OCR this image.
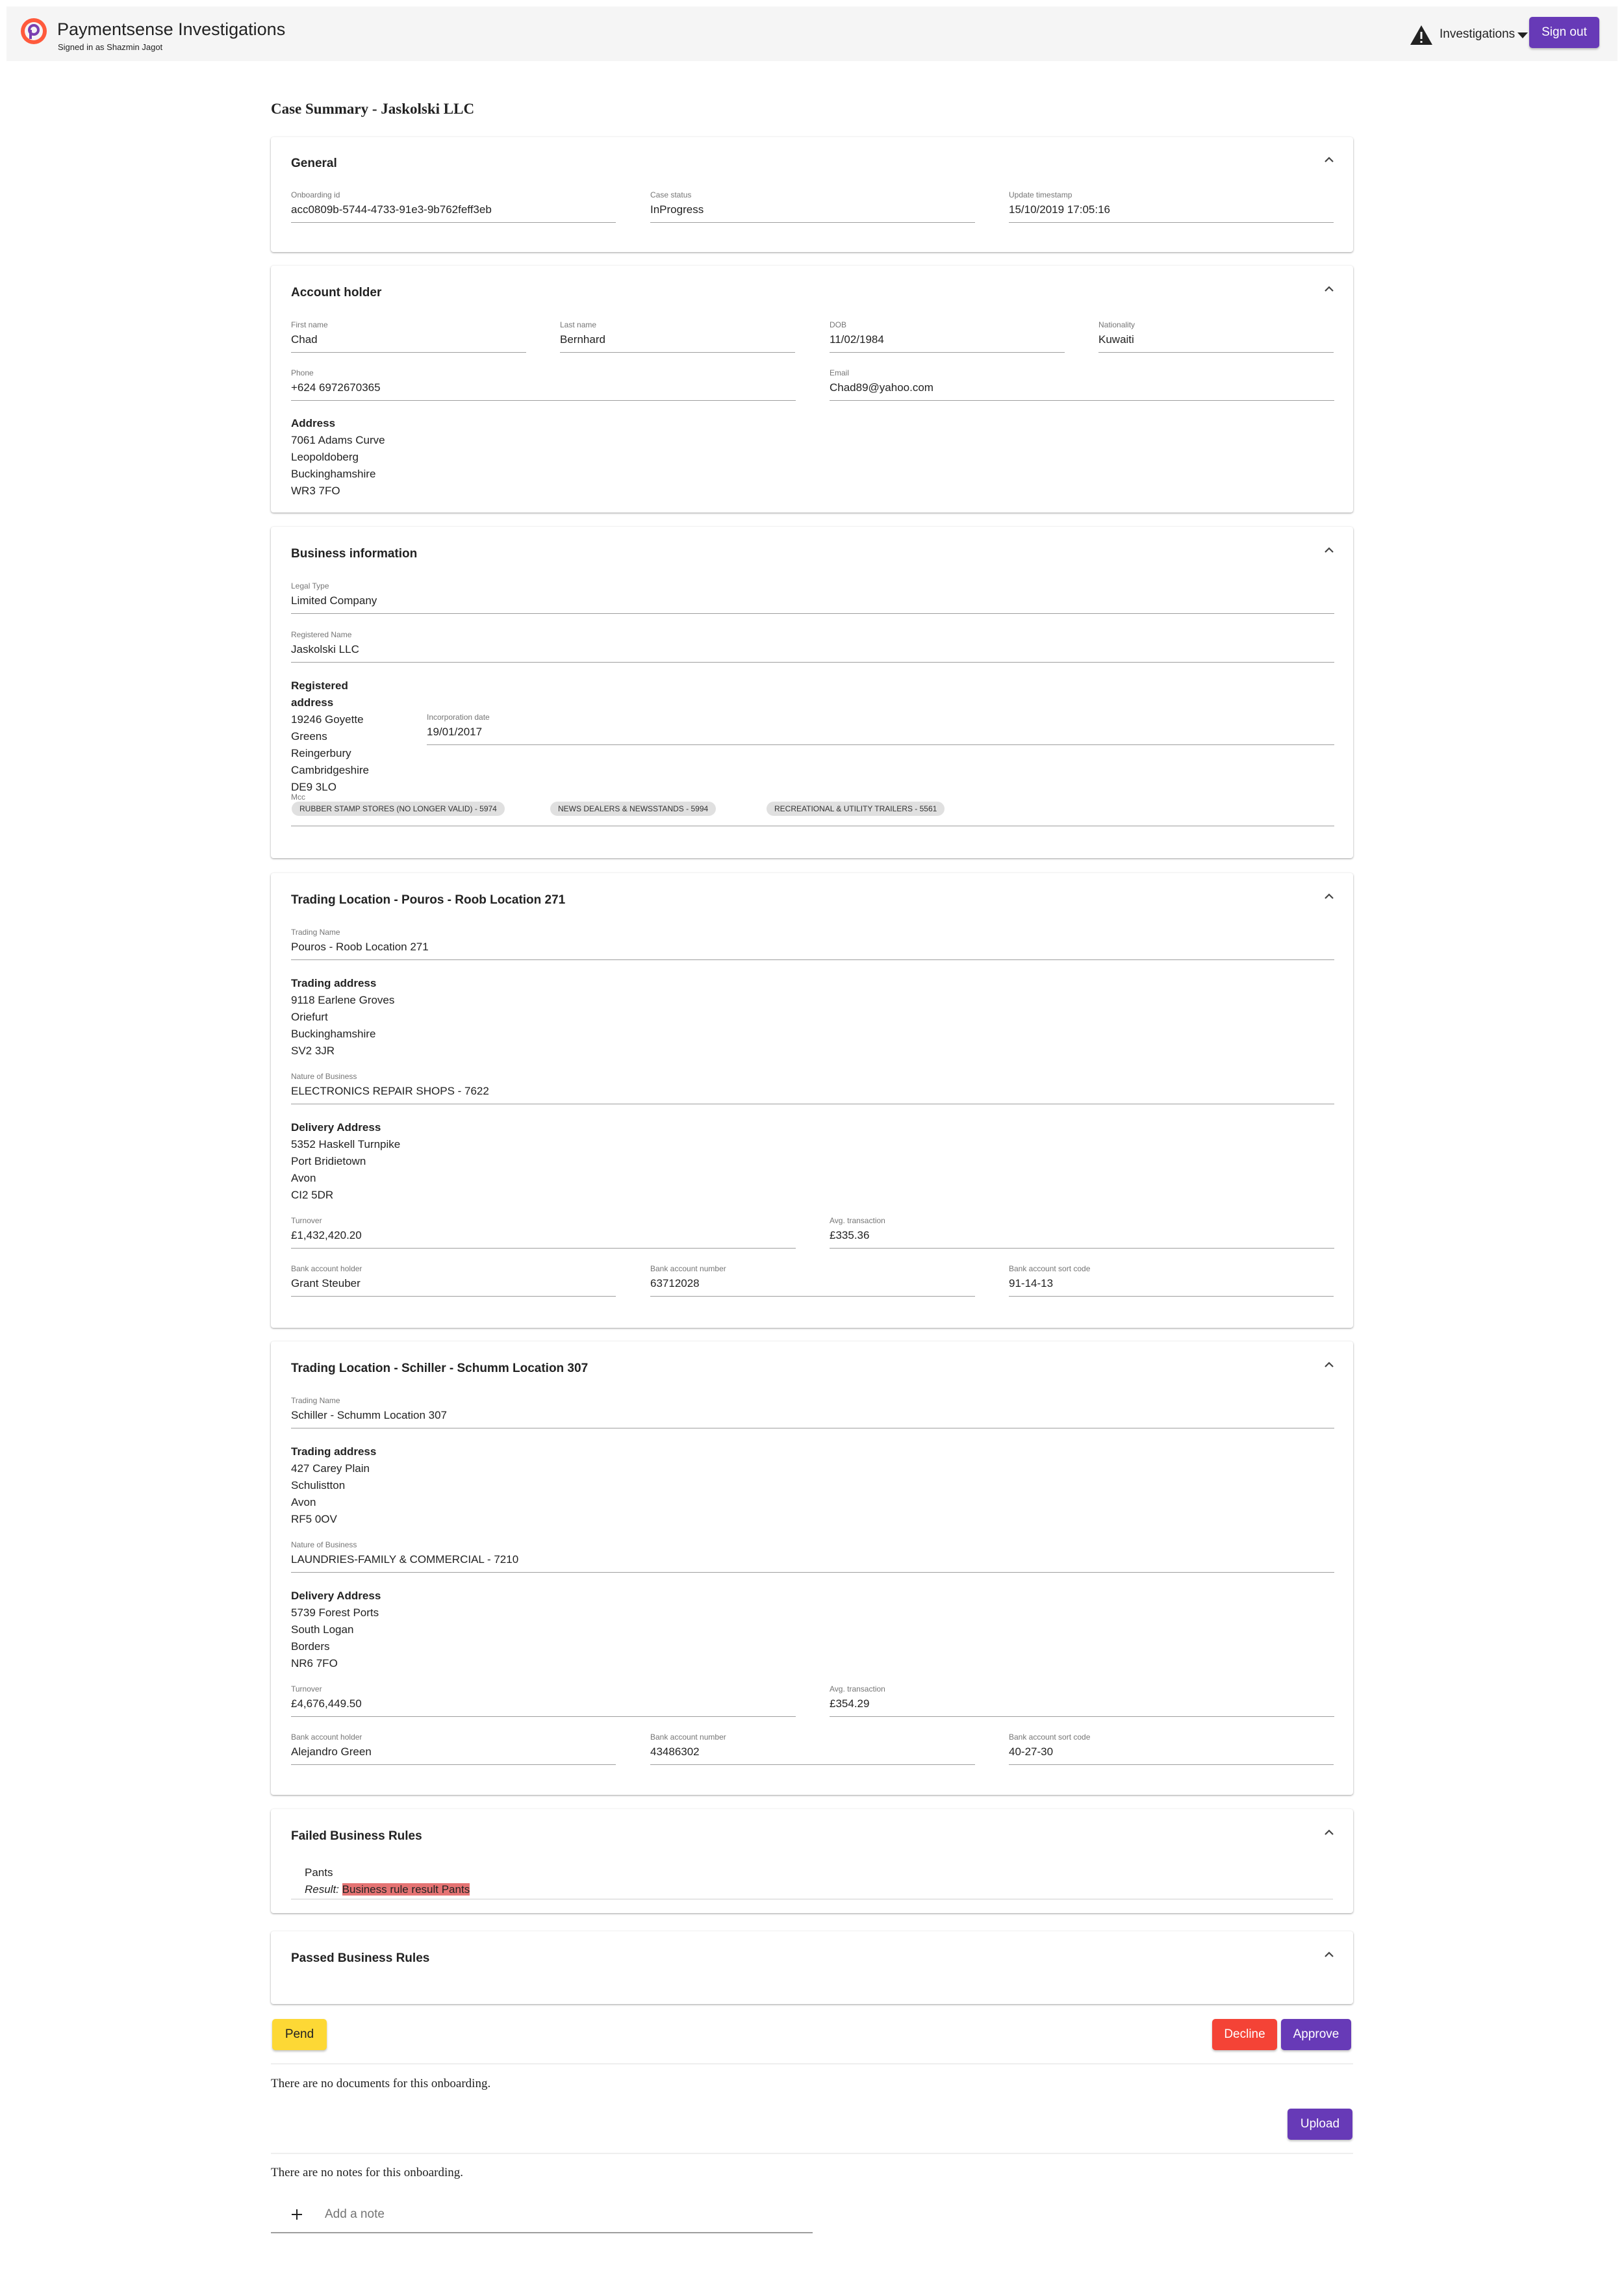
Paymentsense Investigations
Signed in as Shazmin Jagot
Investigations	Sign out
Case Summary - Jaskolski LLC
General
Onboarding id
acc0809b-5744-4733-91e3-9b762feff3eb
Case status
InProgress
Update timestamp
15/10/2019 17:05:16
Account holder
First name
Chad
Last name
Bernhard
DOB
11/02/1984
Nationality
Kuwaiti
Phone
+624 6972670365
Email
Chad89@yahoo.com
Address
7061 Adams Curve
Leopoldoberg
Buckinghamshire
WR3 7FO
Business information
Legal Type
Limited Company
Registered Name
Jaskolski LLC
Registered
address
19246 Goyette
Greens
Reingerbury
Cambridgeshire
DE9 3LO
Incorporation date
19/01/2017
Mcc
RUBBER STAMP STORES (NO LONGER VALID) - 5974	NEWS DEALERS & NEWSSTANDS - 5994	RECREATIONAL & UTILITY TRAILERS - 5561
Trading Location - Pouros - Roob Location 271
Trading Name
Pouros - Roob Location 271
Trading address
9118 Earlene Groves
Oriefurt
Buckinghamshire
SV2 3JR
Nature of Business
ELECTRONICS REPAIR SHOPS - 7622
Delivery Address
5352 Haskell Turnpike
Port Bridietown
Avon
CI2 5DR
Turnover
£1,432,420.20
Avg. transaction
£335.36
Bank account holder
Grant Steuber
Bank account number
63712028
Bank account sort code
91-14-13
Trading Location - Schiller - Schumm Location 307
Trading Name
Schiller - Schumm Location 307
Trading address
427 Carey Plain
Schulistton
Avon
RF5 0OV
Nature of Business
LAUNDRIES-FAMILY & COMMERCIAL - 7210
Delivery Address
5739 Forest Ports
South Logan
Borders
NR6 7FO
Turnover
£4,676,449.50
Avg. transaction
£354.29
Bank account holder
Alejandro Green
Bank account number
43486302
Bank account sort code
40-27-30
Failed Business Rules
Pants
Result: Business rule result Pants
Passed Business Rules
Pend	Decline	Approve
There are no documents for this onboarding.
Upload
There are no notes for this onboarding.
Add a note
